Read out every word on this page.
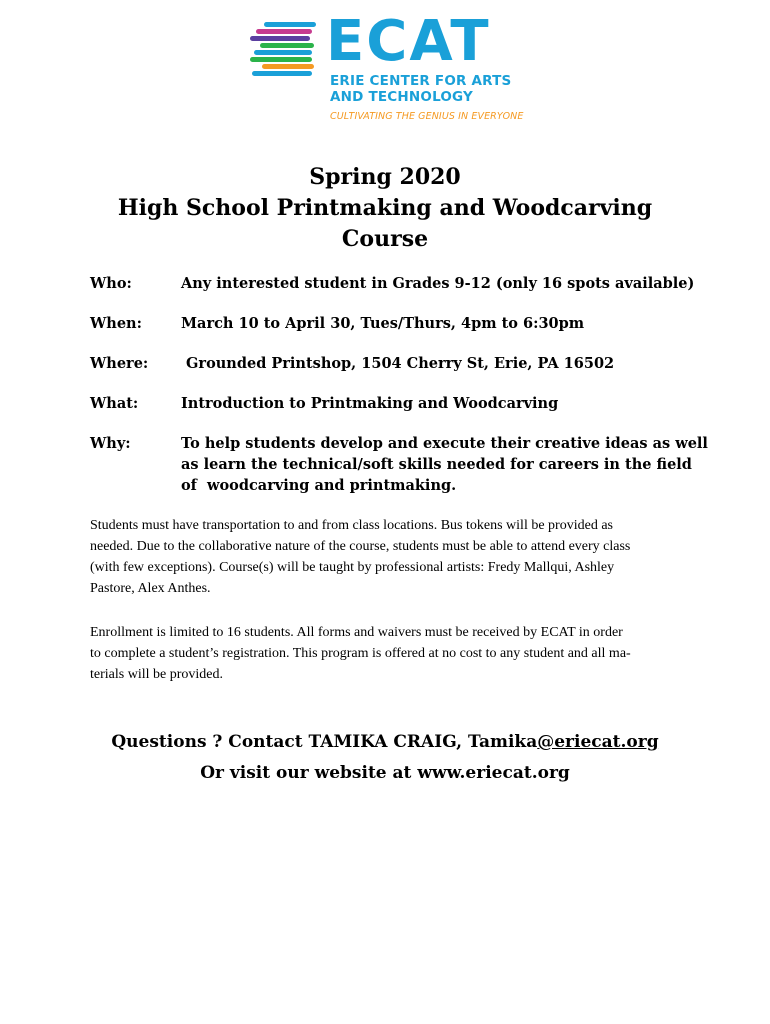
ECAT
ERIE CENTER FOR ARTS
AND TECHNOLOGY
CULTIVATING THE GENIUS IN EVERYONE
Spring 2020
High School Printmaking and Woodcarving
Course
Who:	Any interested student in Grades 9-12 (only 16 spots available)
When:	March 10 to April 30, Tues/Thurs, 4pm to 6:30pm
Where:	Grounded Printshop, 1504 Cherry St, Erie, PA 16502
What:	Introduction to Printmaking and Woodcarving
Why:	To help students develop and execute their creative ideas as well
as learn the technical/soft skills needed for careers in the field
of  woodcarving and printmaking.
Students must have transportation to and from class locations. Bus tokens will be provided as
needed. Due to the collaborative nature of the course, students must be able to attend every class
(with few exceptions). Course(s) will be taught by professional artists: Fredy Mallqui, Ashley
Pastore, Alex Anthes.
Enrollment is limited to 16 students. All forms and waivers must be received by ECAT in order
to complete a student’s registration. This program is offered at no cost to any student and all ma-
terials will be provided.
Questions ? Contact TAMIKA CRAIG, Tamika@eriecat.org
Or visit our website at www.eriecat.org
